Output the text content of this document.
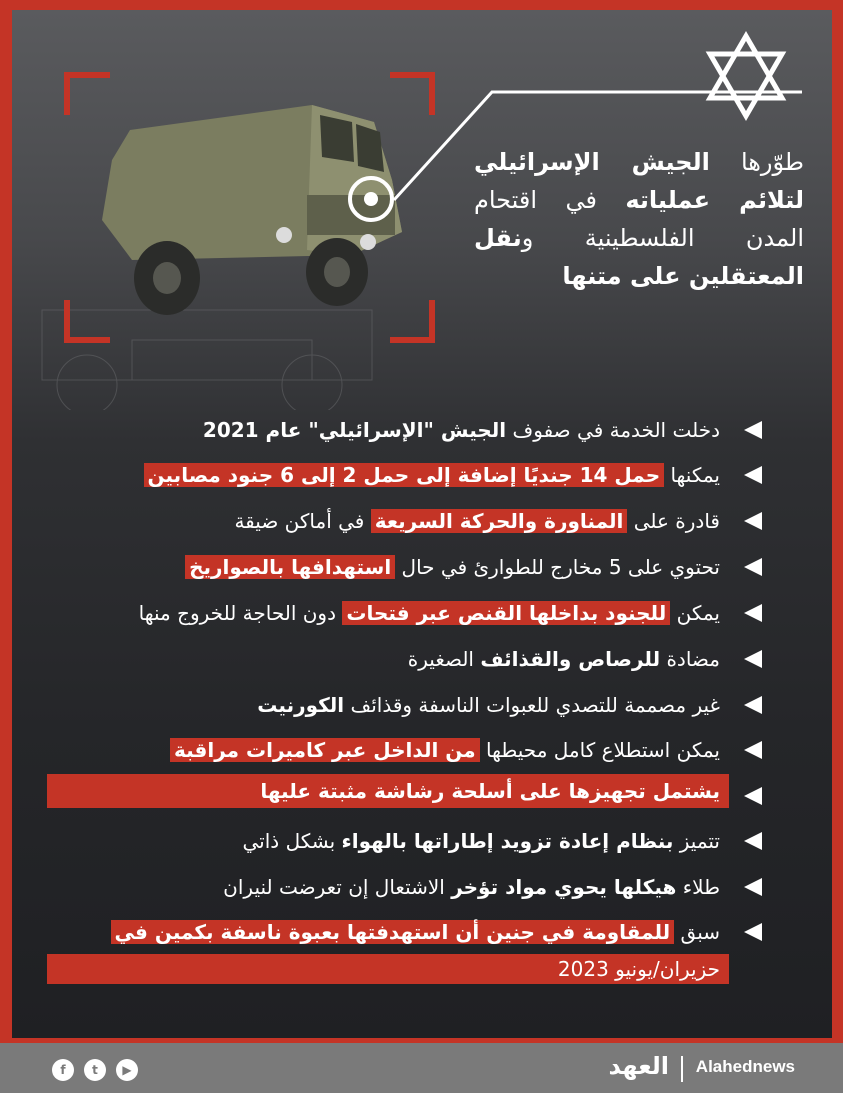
طوّرها الجيش الإسرائيلي لتلائم عملياته في اقتحام المدن الفلسطينية ونقل المعتقلين على متنها
دخلت الخدمة في صفوف الجيش "الإسرائيلي" عام 2021
يمكنها حمل 14 جنديًا إضافة إلى حمل 2 إلى 6 جنود مصابين
قادرة على المناورة والحركة السريعة في أماكن ضيقة
تحتوي على 5 مخارج للطوارئ في حال استهدافها بالصواريخ
يمكن للجنود بداخلها القنص عبر فتحات دون الحاجة للخروج منها
مضادة للرصاص والقذائف الصغيرة
غير مصممة للتصدي للعبوات الناسفة وقذائف الكورنيت
يمكن استطلاع كامل محيطها من الداخل عبر كاميرات مراقبة
يشتمل تجهيزها على أسلحة رشاشة مثبتة عليها
تتميز بنظام إعادة تزويد إطاراتها بالهواء بشكل ذاتي
طلاء هيكلها يحوي مواد تؤخر الاشتعال إن تعرضت لنيران
سبق للمقاومة في جنين أن استهدفتها بعبوة ناسفة بكمين في
حزيران/يونيو 2023
f t ▶	العهد Alahednews
